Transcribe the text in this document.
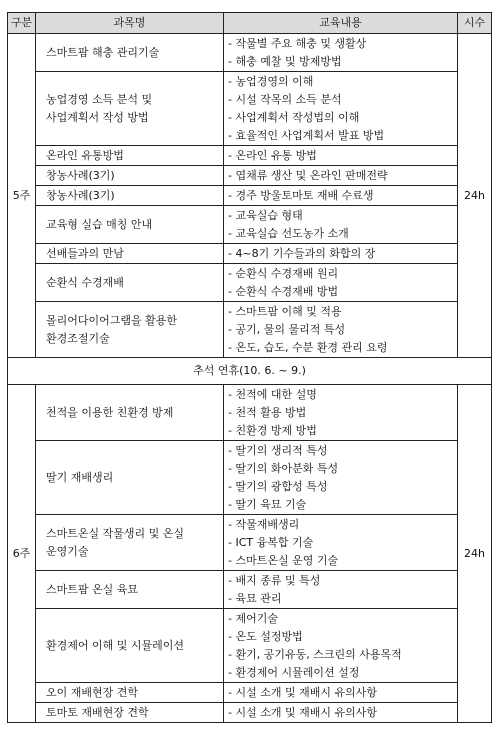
구분	과목명	교육내용	시수
5주	스마트팜 해충 관리기술	- 작물별 주요 해충 및 생활상
- 해충 예찰 및 방제방법	24h

	농업경영 소득 분석 및
사업계획서 작성 방법	- 농업경영의 이해
- 시설 작목의 소득 분석
- 사업계획서 작성법의 이해
- 효율적인 사업계획서 발표 방법

	온라인 유통방법	- 온라인 유통 방법

	창농사례(3기)	- 엽채류 생산 및 온라인 판매전략

	창농사례(3기)	- 경주 방울토마토 재배 수료생

	교육형 실습 매칭 안내	- 교육실습 형태
- 교육실습 선도농가 소개

	선배들과의 만남	- 4~8기 기수들과의 화합의 장

	순환식 수경재배	- 순환식 수경재배 원리
- 순환식 수경재배 방법

	몰리어다이어그램을 활용한
환경조절기술	- 스마트팜 이해 및 적용
- 공기, 물의 물리적 특성
- 온도, 습도, 수분 환경 관리 요령

추석 연휴(10. 6. ~ 9.)			
6주	천적을 이용한 친환경 방제	- 천적에 대한 설명
- 천적 활용 방법
- 친환경 방제 방법	24h

	딸기 재배생리	- 딸기의 생리적 특성
- 딸기의 화아분화 특성
- 딸기의 광합성 특성
- 딸기 육묘 기술

	스마트온실 작물생리 및 온실
운영기술	- 작물재배생리
- ICT 융복합 기술
- 스마트온실 운영 기술

	스마트팜 온실 육묘	- 배지 종류 및 특성
- 육묘 관리

	환경제어 이해 및 시뮬레이션	- 제어기술
- 온도 설정방법
- 환기, 공기유동, 스크린의 사용목적
- 환경제어 시뮬레이션 설정

	오이 재배현장 견학	- 시설 소개 및 재배시 유의사항

	토마토 재배현장 견학	- 시설 소개 및 재배시 유의사항
